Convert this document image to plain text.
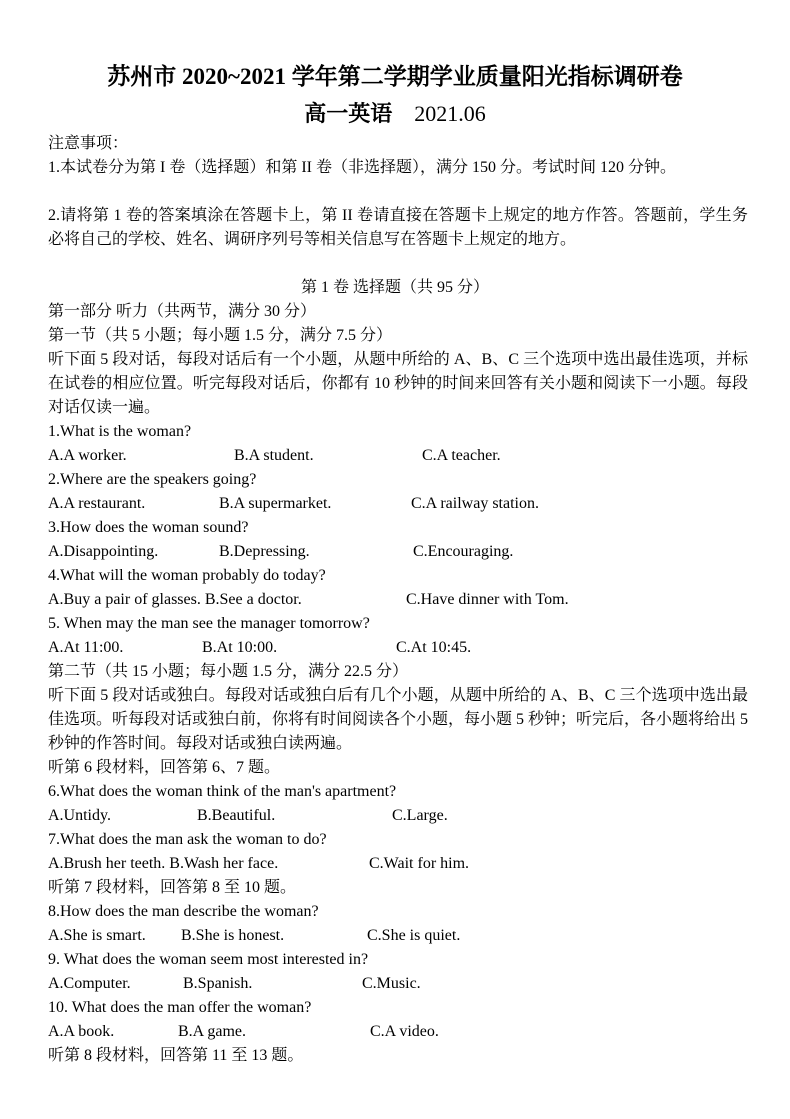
苏州市 2020~2021 学年第二学期学业质量阳光指标调研卷
高一英语 2021.06
注意事项：
1.本试卷分为第 I 卷（选择题）和第 II 卷（非选择题），满分 150 分。考试时间 120 分钟。
2.请将第 1 卷的答案填涂在答题卡上，第 II 卷请直接在答题卡上规定的地方作答。答题前，学生务必将自己的学校、姓名、调研序列号等相关信息写在答题卡上规定的地方。
第 1 卷 选择题（共 95 分）
第一部分 听力（共两节，满分 30 分）
第一节（共 5 小题；每小题 1.5 分，满分 7.5 分）
听下面 5 段对话，每段对话后有一个小题，从题中所给的 A、B、C 三个选项中选出最佳选项，并标在试卷的相应位置。听完每段对话后，你都有 10 秒钟的时间来回答有关小题和阅读下一小题。每段对话仅读一遍。
1.What is the woman?
A.A worker.	B.A student.	C.A teacher.
2.Where are the speakers going?
A.A restaurant.	B.A supermarket.	C.A railway station.
3.How does the woman sound?
A.Disappointing.	B.Depressing.	C.Encouraging.
4.What will the woman probably do today?
A.Buy a pair of glasses. B.See a doctor.	C.Have dinner with Tom.
5. When may the man see the manager tomorrow?
A.At 11:00.	B.At 10:00.	C.At 10:45.
第二节（共 15 小题；每小题 1.5 分，满分 22.5 分）
听下面 5 段对话或独白。每段对话或独白后有几个小题，从题中所给的 A、B、C 三个选项中选出最佳选项。听每段对话或独白前，你将有时间阅读各个小题，每小题 5 秒钟；听完后，各小题将给出 5 秒钟的作答时间。每段对话或独白读两遍。
听第 6 段材料，回答第 6、7 题。
6.What does the woman think of the man's apartment?
A.Untidy.	B.Beautiful.	C.Large.
7.What does the man ask the woman to do?
A.Brush her teeth. B.Wash her face.	C.Wait for him.
听第 7 段材料，回答第 8 至 10 题。
8.How does the man describe the woman?
A.She is smart. B.She is honest.	C.She is quiet.
9. What does the woman seem most interested in?
A.Computer.	B.Spanish.	C.Music.
10. What does the man offer the woman?
A.A book.	B.A game.	C.A video.
听第 8 段材料，回答第 11 至 13 题。
